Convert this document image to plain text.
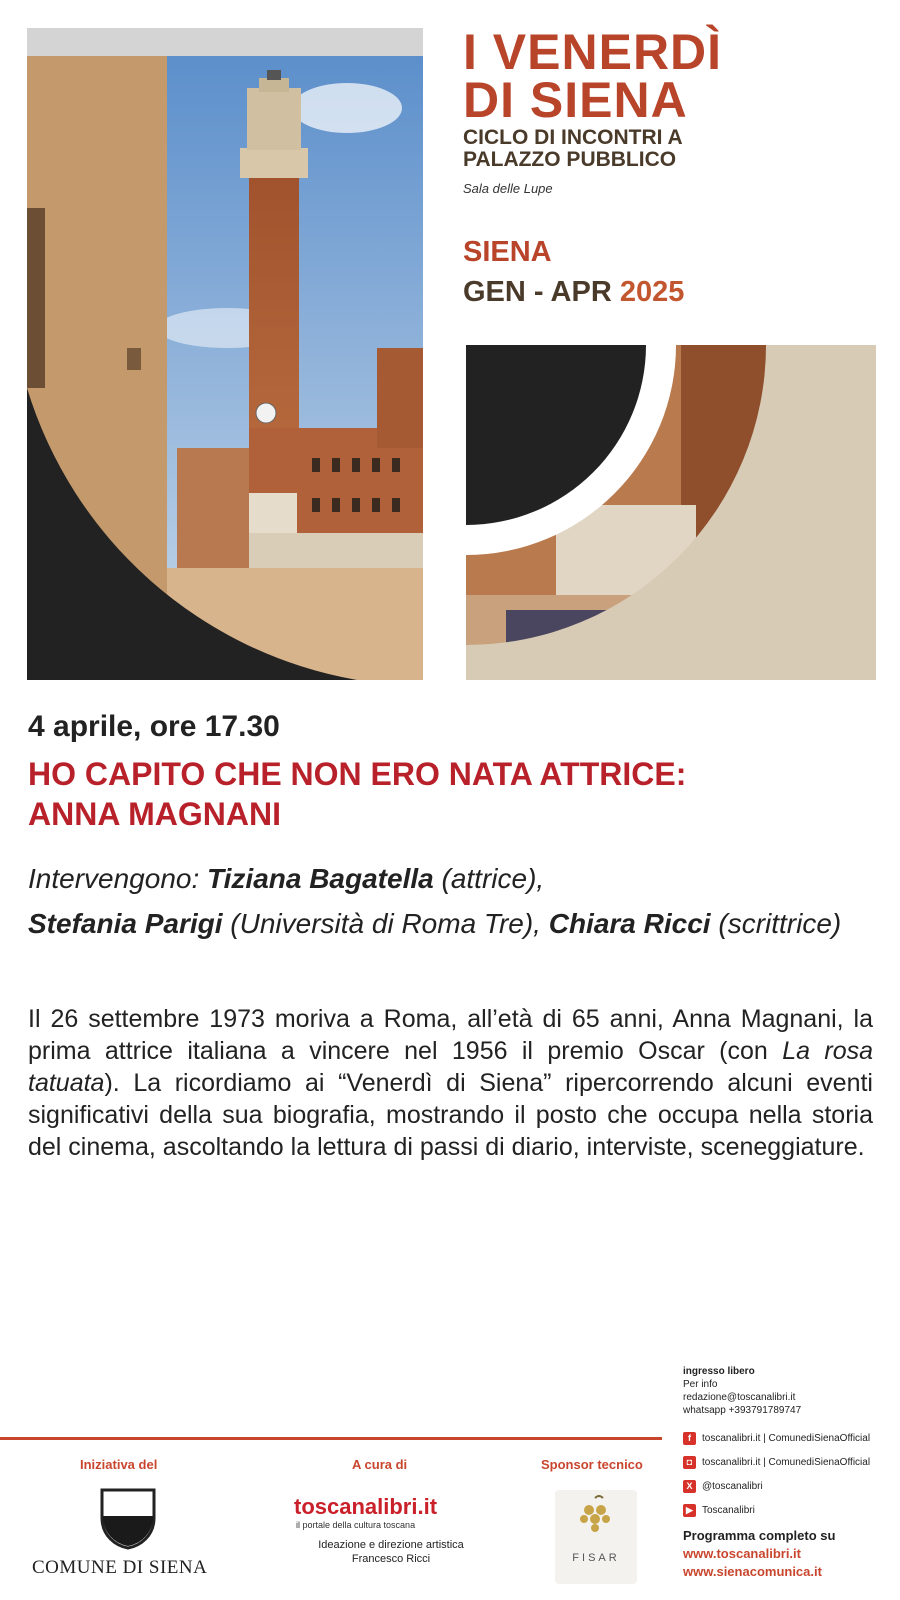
I VENERDÌ
DI SIENA
CICLO DI INCONTRI A
PALAZZO PUBBLICO
Sala delle Lupe
SIENA
GEN - APR 2025
4 aprile, ore 17.30
HO CAPITO CHE NON ERO NATA ATTRICE:
ANNA MAGNANI
Intervengono: Tiziana Bagatella (attrice),
Stefania Parigi (Università di Roma Tre), Chiara Ricci (scrittrice)
Il 26 settembre 1973 moriva a Roma, all’età di 65 anni, Anna Magnani, la prima attrice italiana a vincere nel 1956 il premio Oscar (con La rosa tatuata). La ricordiamo ai “Venerdì di Siena” ripercorrendo alcuni eventi significativi della sua biografia, mostrando il posto che occupa nella storia del cinema, ascoltando la lettura di passi di diario, interviste, sceneggiature.
ingresso libero
Per info
redazione@toscanalibri.it
whatsapp +393791789747
f	toscanalibri.it | ComunediSienaOfficial
◘ toscanalibri.it | ComunediSienaOfficial
X @toscanalibri
▶ Toscanalibri
Programma completo su
www.toscanalibri.it
www.sienacomunica.it
Iniziativa del
COMUNE DI SIENA
A cura di
toscanalibri.it
il portale della cultura toscana
Ideazione e direzione artistica
Francesco Ricci
Sponsor tecnico
FISAR
